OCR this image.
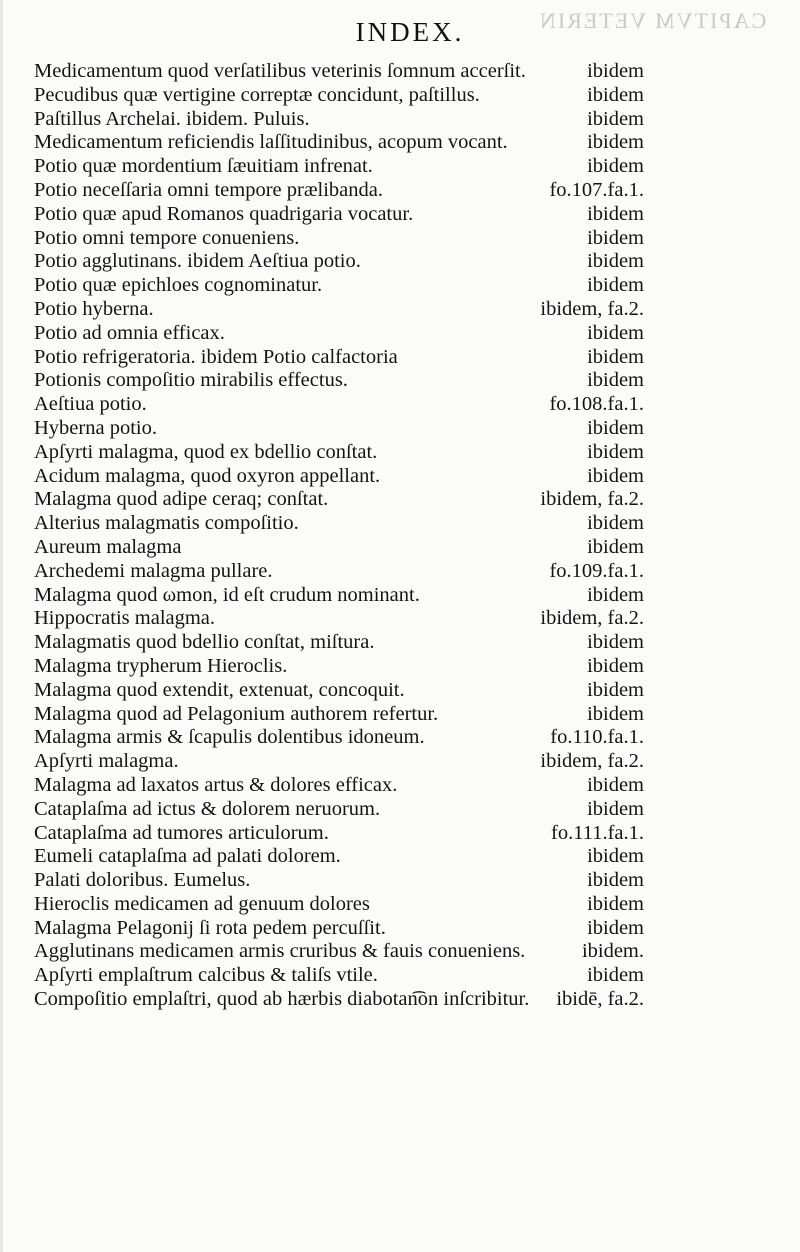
CAPITVM VETERIN
INDEX.
Medicamentum quod verſatilibus veterinis ſomnum accerſit.	ibidem
Pecudibus quæ vertigine correptæ concidunt, paſtillus.	ibidem
Paſtillus Archelai. ibidem. Puluis.	ibidem
Medicamentum reficiendis laſſitudinibus, acopum vocant.	ibidem
Potio quæ mordentium ſæuitiam infrenat.	ibidem
Potio neceſſaria omni tempore prælibanda.	fo.107.fa.1.
Potio quæ apud Romanos quadrigaria vocatur.	ibidem
Potio omni tempore conueniens.	ibidem
Potio agglutinans. ibidem Aeſtiua potio.	ibidem
Potio quæ epichloes cognominatur.	ibidem
Potio hyberna.	ibidem, fa.2.
Potio ad omnia efficax.	ibidem
Potio refrigeratoria. ibidem Potio calfactoria	ibidem
Potionis compoſitio mirabilis effectus.	ibidem
Aeſtiua potio.	fo.108.fa.1.
Hyberna potio.	ibidem
Apſyrti malagma, quod ex bdellio conſtat.	ibidem
Acidum malagma, quod oxyron appellant.	ibidem
Malagma quod adipe ceraq; conſtat.	ibidem, fa.2.
Alterius malagmatis compoſitio.	ibidem
Aureum malagma	ibidem
Archedemi malagma pullare.	fo.109.fa.1.
Malagma quod ωmon, id eſt crudum nominant.	ibidem
Hippocratis malagma.	ibidem, fa.2.
Malagmatis quod bdellio conſtat, miſtura.	ibidem
Malagma trypherum Hieroclis.	ibidem
Malagma quod extendit, extenuat, concoquit.	ibidem
Malagma quod ad Pelagonium authorem refertur.	ibidem
Malagma armis & ſcapulis dolentibus idoneum.	fo.110.fa.1.
Apſyrti malagma.	ibidem, fa.2.
Malagma ad laxatos artus & dolores efficax.	ibidem
Cataplaſma ad ictus & dolorem neruorum.	ibidem
Cataplaſma ad tumores articulorum.	fo.111.fa.1.
Eumeli cataplaſma ad palati dolorem.	ibidem
Palati doloribus. Eumelus.	ibidem
Hieroclis medicamen ad genuum dolores	ibidem
Malagma Pelagonij ſi rota pedem percuſſit.	ibidem
Agglutinans medicamen armis cruribus & fauis conueniens.	ibidem.
Apſyrti emplaſtrum calcibus & taliſs vtile.	ibidem
Compoſitio emplaſtri, quod ab hærbis diabotan͡on inſcribitur. ibidē, fa.2.
